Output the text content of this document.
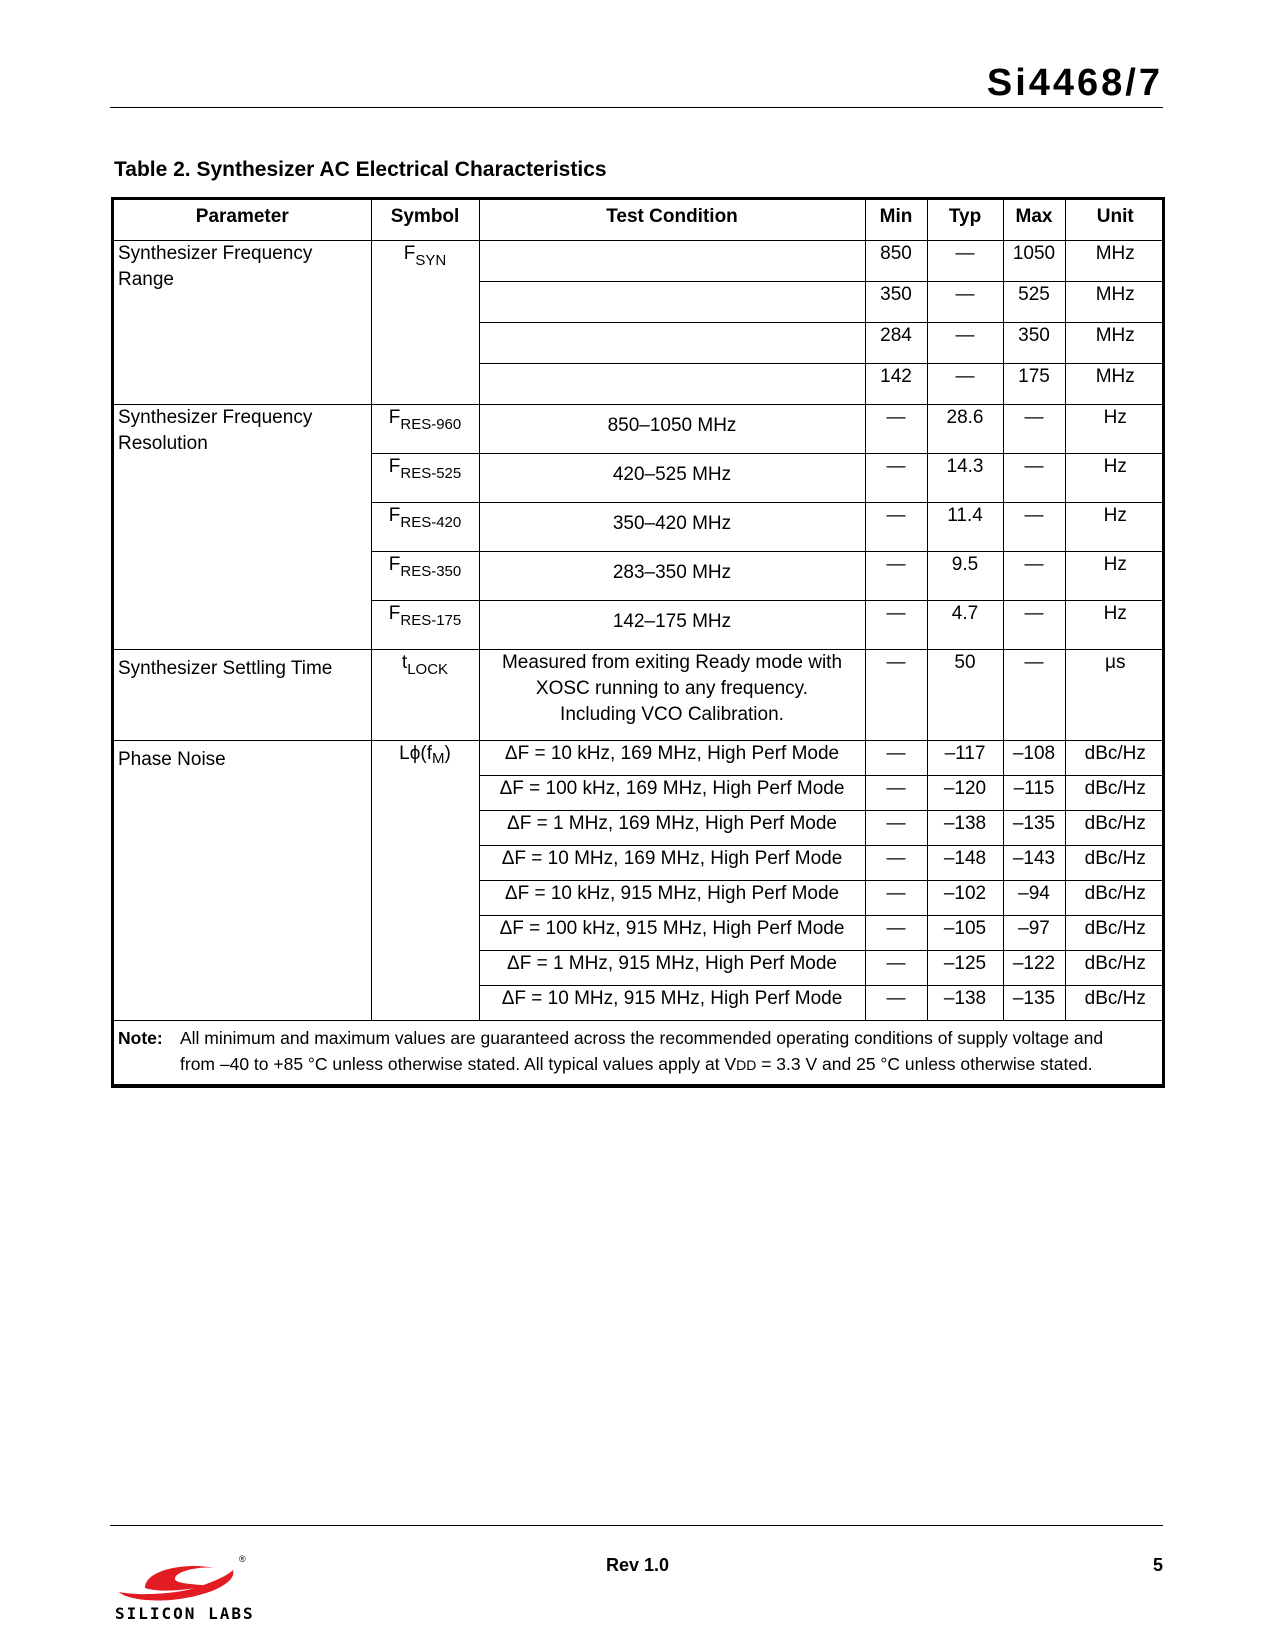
Si4468/7
Table 2. Synthesizer AC Electrical Characteristics
Parameter	Symbol	Test Condition	Min	Typ	Max	Unit
Synthesizer Frequency Range	$F_{SYN}$		850	—	1050	MHz
			350	—	525	MHz
			284	—	350	MHz
			142	—	175	MHz
Synthesizer Frequency Resolution	$F_{RES-960}$	850–1050 MHz	—	28.6	—	Hz
	$F_{RES-525}$	420–525 MHz	—	14.3	—	Hz
	$F_{RES-420}$	350–420 MHz	—	11.4	—	Hz
	$F_{RES-350}$	283–350 MHz	—	9.5	—	Hz
	$F_{RES-175}$	142–175 MHz	—	4.7	—	Hz
Synthesizer Settling Time	$t_{LOCK}$	Measured from exiting Ready mode with
XOSC running to any frequency.
Including VCO Calibration.	—	50	—	μs
Phase Noise	$L\phi(f_M)$	ΔF = 10 kHz, 169 MHz, High Perf Mode	—	–117	–108	dBc/Hz
		ΔF = 100 kHz, 169 MHz, High Perf Mode	—	–120	–115	dBc/Hz
		ΔF = 1 MHz, 169 MHz, High Perf Mode	—	–138	–135	dBc/Hz
		ΔF = 10 MHz, 169 MHz, High Perf Mode	—	–148	–143	dBc/Hz
		ΔF = 10 kHz, 915 MHz, High Perf Mode	—	–102	–94	dBc/Hz
		ΔF = 100 kHz, 915 MHz, High Perf Mode	—	–105	–97	dBc/Hz
		ΔF = 1 MHz, 915 MHz, High Perf Mode	—	–125	–122	dBc/Hz
		ΔF = 10 MHz, 915 MHz, High Perf Mode	—	–138	–135	dBc/Hz

Note: All minimum and maximum values are guaranteed across the recommended operating conditions of supply voltage and
from –40 to +85 °C unless otherwise stated. All typical values apply at VDD = 3.3 V and 25 °C unless otherwise stated.						
®
SILICON LABS
Rev 1.0	5
